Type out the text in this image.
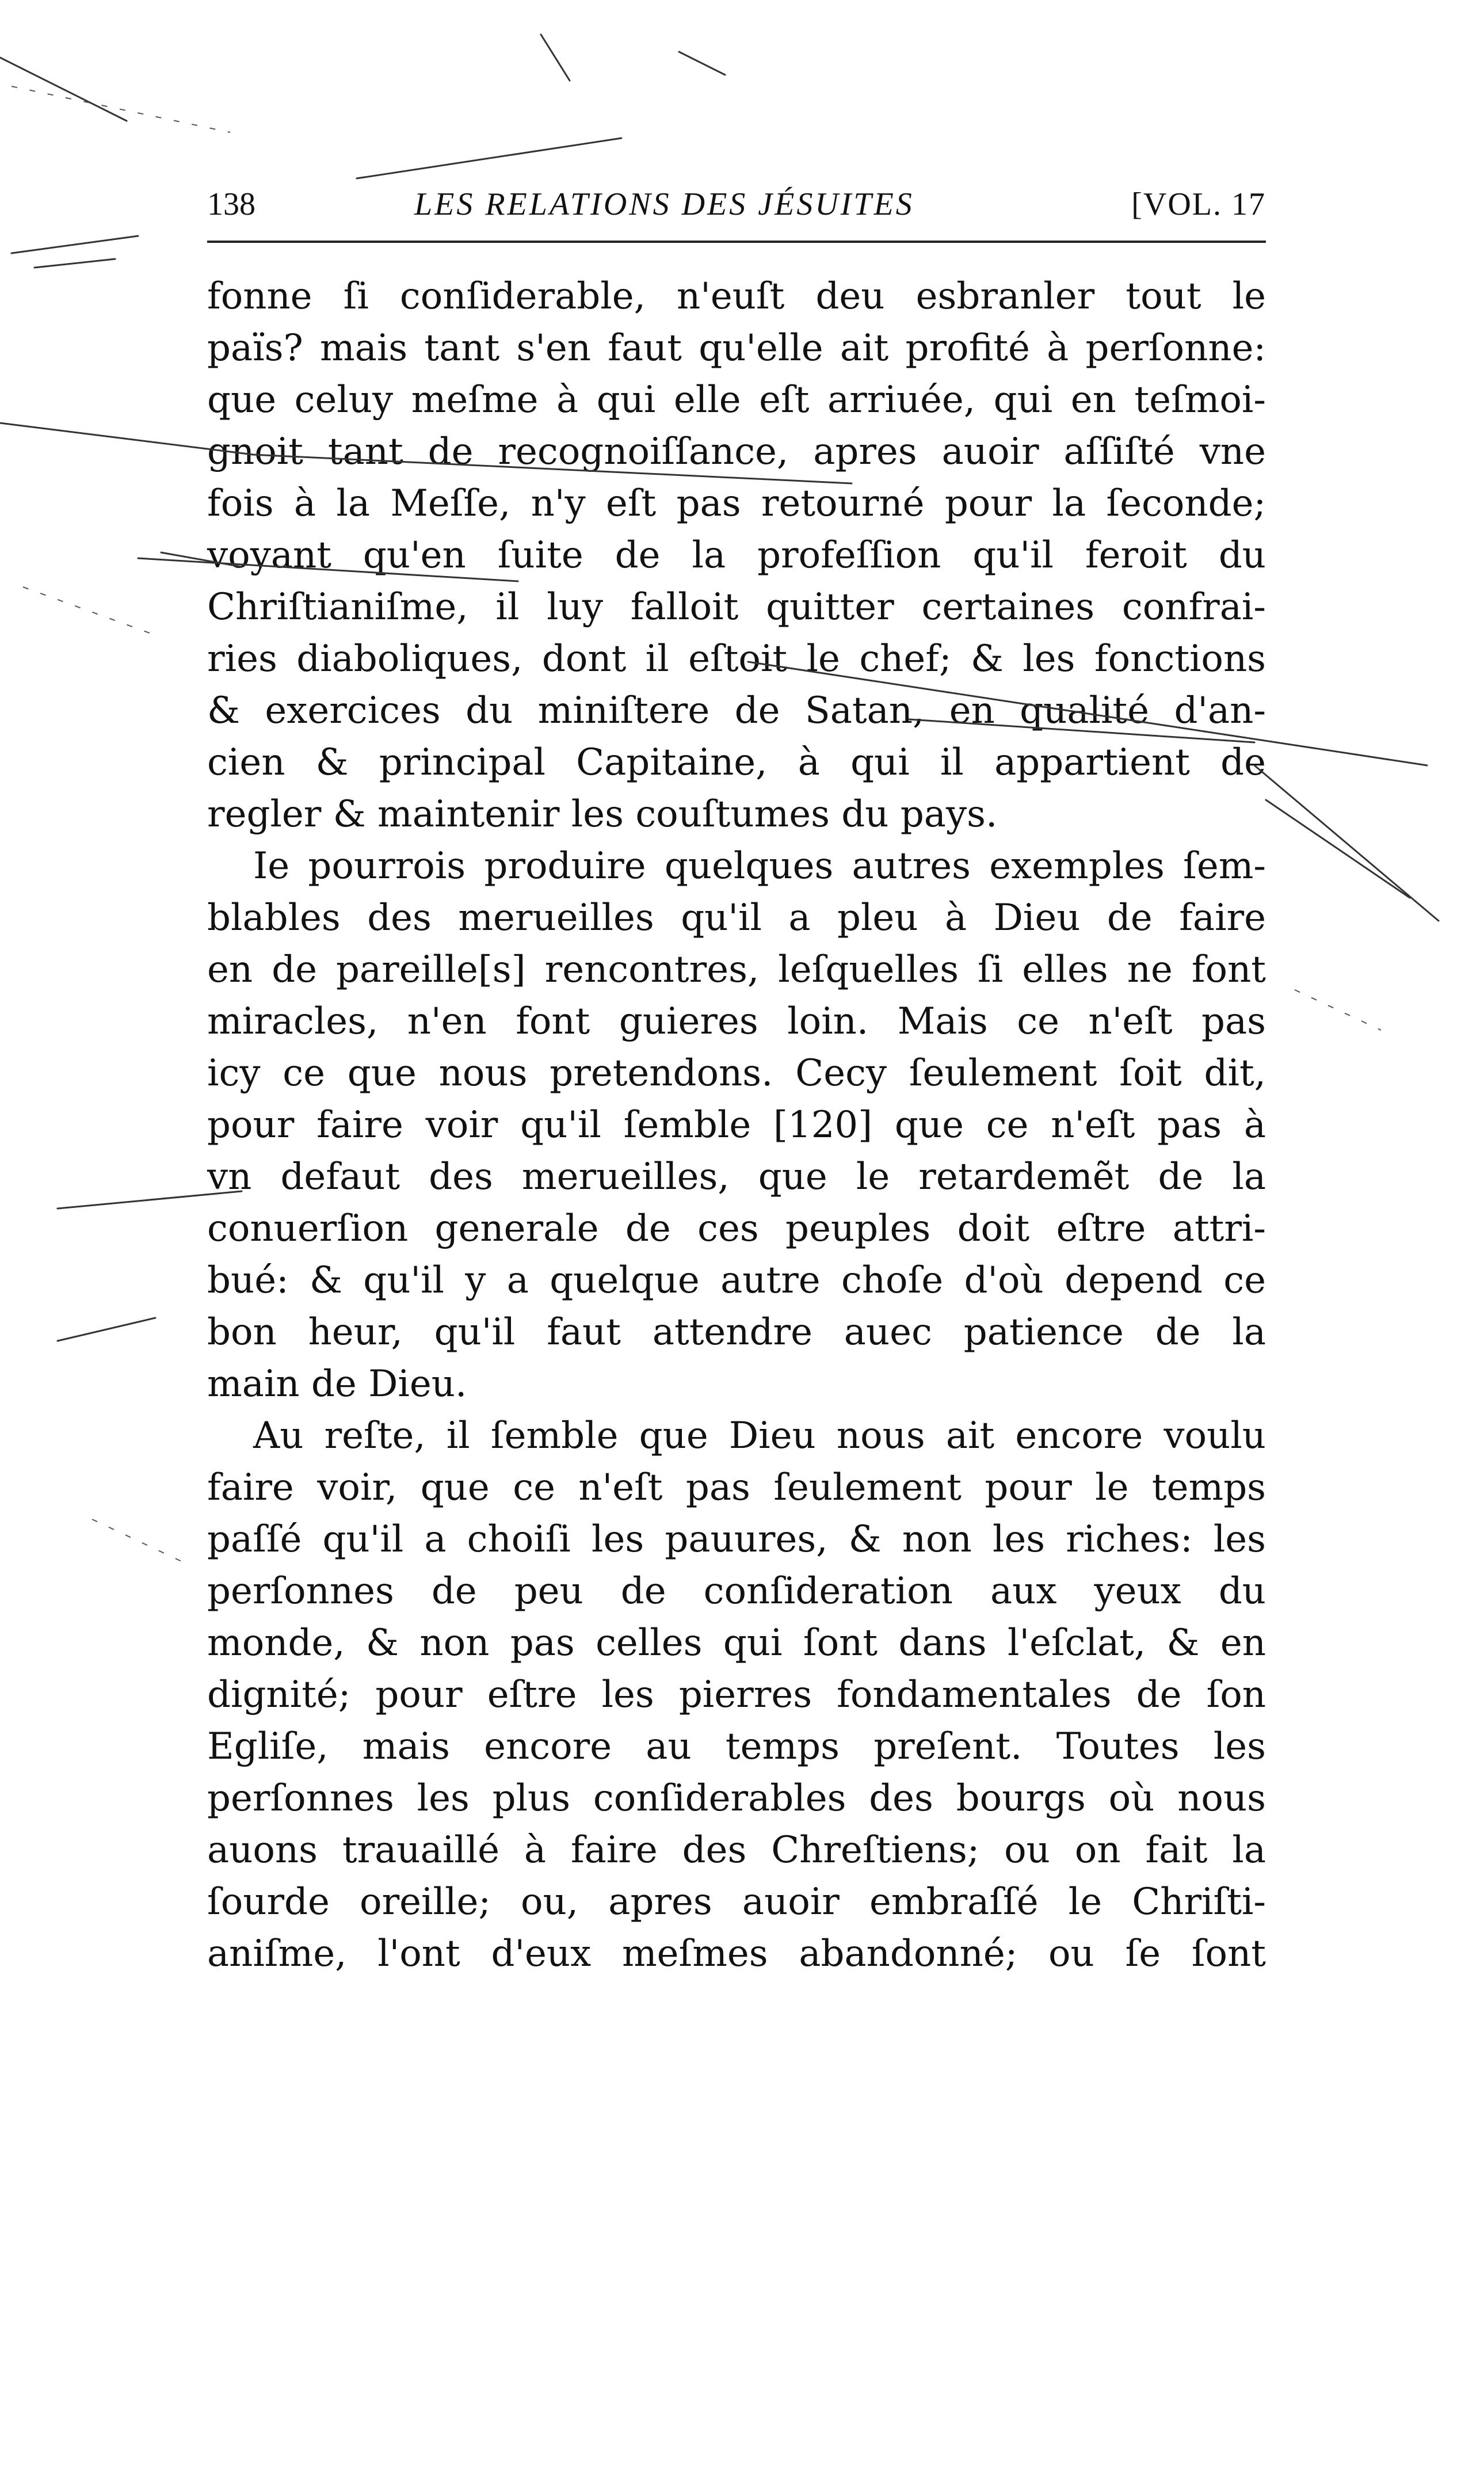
138	LES RELATIONS DES JÉSUITES	[VOL. 17
fonne ſi conſiderable, n'euſt deu esbranler tout le
païs? mais tant s'en faut qu'elle ait profité à perſonne:
que celuy meſme à qui elle eſt arriuée, qui en teſmoi-
gnoit tant de recognoiſſance, apres auoir aſſiſté vne
fois à la Meſſe, n'y eſt pas retourné pour la ſeconde;
voyant qu'en ſuite de la profeſſion qu'il feroit du
Chriſtianiſme, il luy falloit quitter certaines confrai-
ries diaboliques, dont il eſtoit le chef; & les fonctions
& exercices du miniſtere de Satan, en qualité d'an-
cien & principal Capitaine, à qui il appartient de
regler & maintenir les couſtumes du pays.
Ie pourrois produire quelques autres exemples ſem-
blables des merueilles qu'il a pleu à Dieu de faire
en de pareille[s] rencontres, leſquelles ſi elles ne font
miracles, n'en font guieres loin. Mais ce n'eſt pas
icy ce que nous pretendons. Cecy ſeulement ſoit dit,
pour faire voir qu'il ſemble [120] que ce n'eſt pas à
vn defaut des merueilles, que le retardemẽt de la
conuerſion generale de ces peuples doit eſtre attri-
bué: & qu'il y a quelque autre choſe d'où depend ce
bon heur, qu'il faut attendre auec patience de la
main de Dieu.
Au reſte, il ſemble que Dieu nous ait encore voulu
faire voir, que ce n'eſt pas ſeulement pour le temps
paſſé qu'il a choiſi les pauures, & non les riches: les
perſonnes de peu de conſideration aux yeux du
monde, & non pas celles qui ſont dans l'eſclat, & en
dignité; pour eſtre les pierres fondamentales de ſon
Egliſe, mais encore au temps preſent. Toutes les
perſonnes les plus conſiderables des bourgs où nous
auons trauaillé à faire des Chreſtiens; ou on fait la
ſourde oreille; ou, apres auoir embraſſé le Chriſti-
aniſme, l'ont d'eux meſmes abandonné; ou ſe ſont
